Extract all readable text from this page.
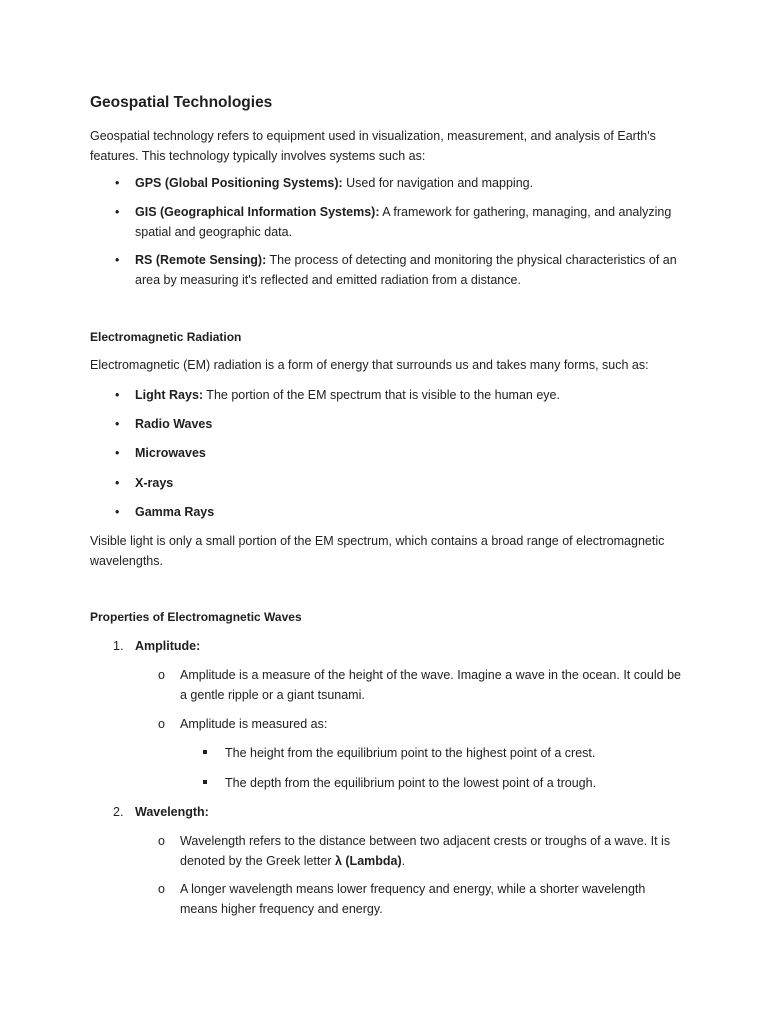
Geospatial Technologies

Geospatial technology refers to equipment used in visualization, measurement, and analysis of Earth's features. This technology typically involves systems such as:

• GPS (Global Positioning Systems): Used for navigation and mapping.
• GIS (Geographical Information Systems): A framework for gathering, managing, and analyzing spatial and geographic data.
• RS (Remote Sensing): The process of detecting and monitoring the physical characteristics of an area by measuring it's reflected and emitted radiation from a distance.
Electromagnetic Radiation

Electromagnetic (EM) radiation is a form of energy that surrounds us and takes many forms, such as:

• Light Rays: The portion of the EM spectrum that is visible to the human eye.
• Radio Waves
• Microwaves
• X-rays
• Gamma Rays

Visible light is only a small portion of the EM spectrum, which contains a broad range of electromagnetic wavelengths.

Properties of Electromagnetic Waves
1. Amplitude:
o Amplitude is a measure of the height of the wave. Imagine a wave in the ocean. It could be a gentle ripple or a giant tsunami.
o Amplitude is measured as:
The height from the equilibrium point to the highest point of a crest.
The depth from the equilibrium point to the lowest point of a trough.
2. Wavelength:
o Wavelength refers to the distance between two adjacent crests or troughs of a wave. It is denoted by the Greek letter λ (Lambda).
o A longer wavelength means lower frequency and energy, while a shorter wavelength means higher frequency and energy.
